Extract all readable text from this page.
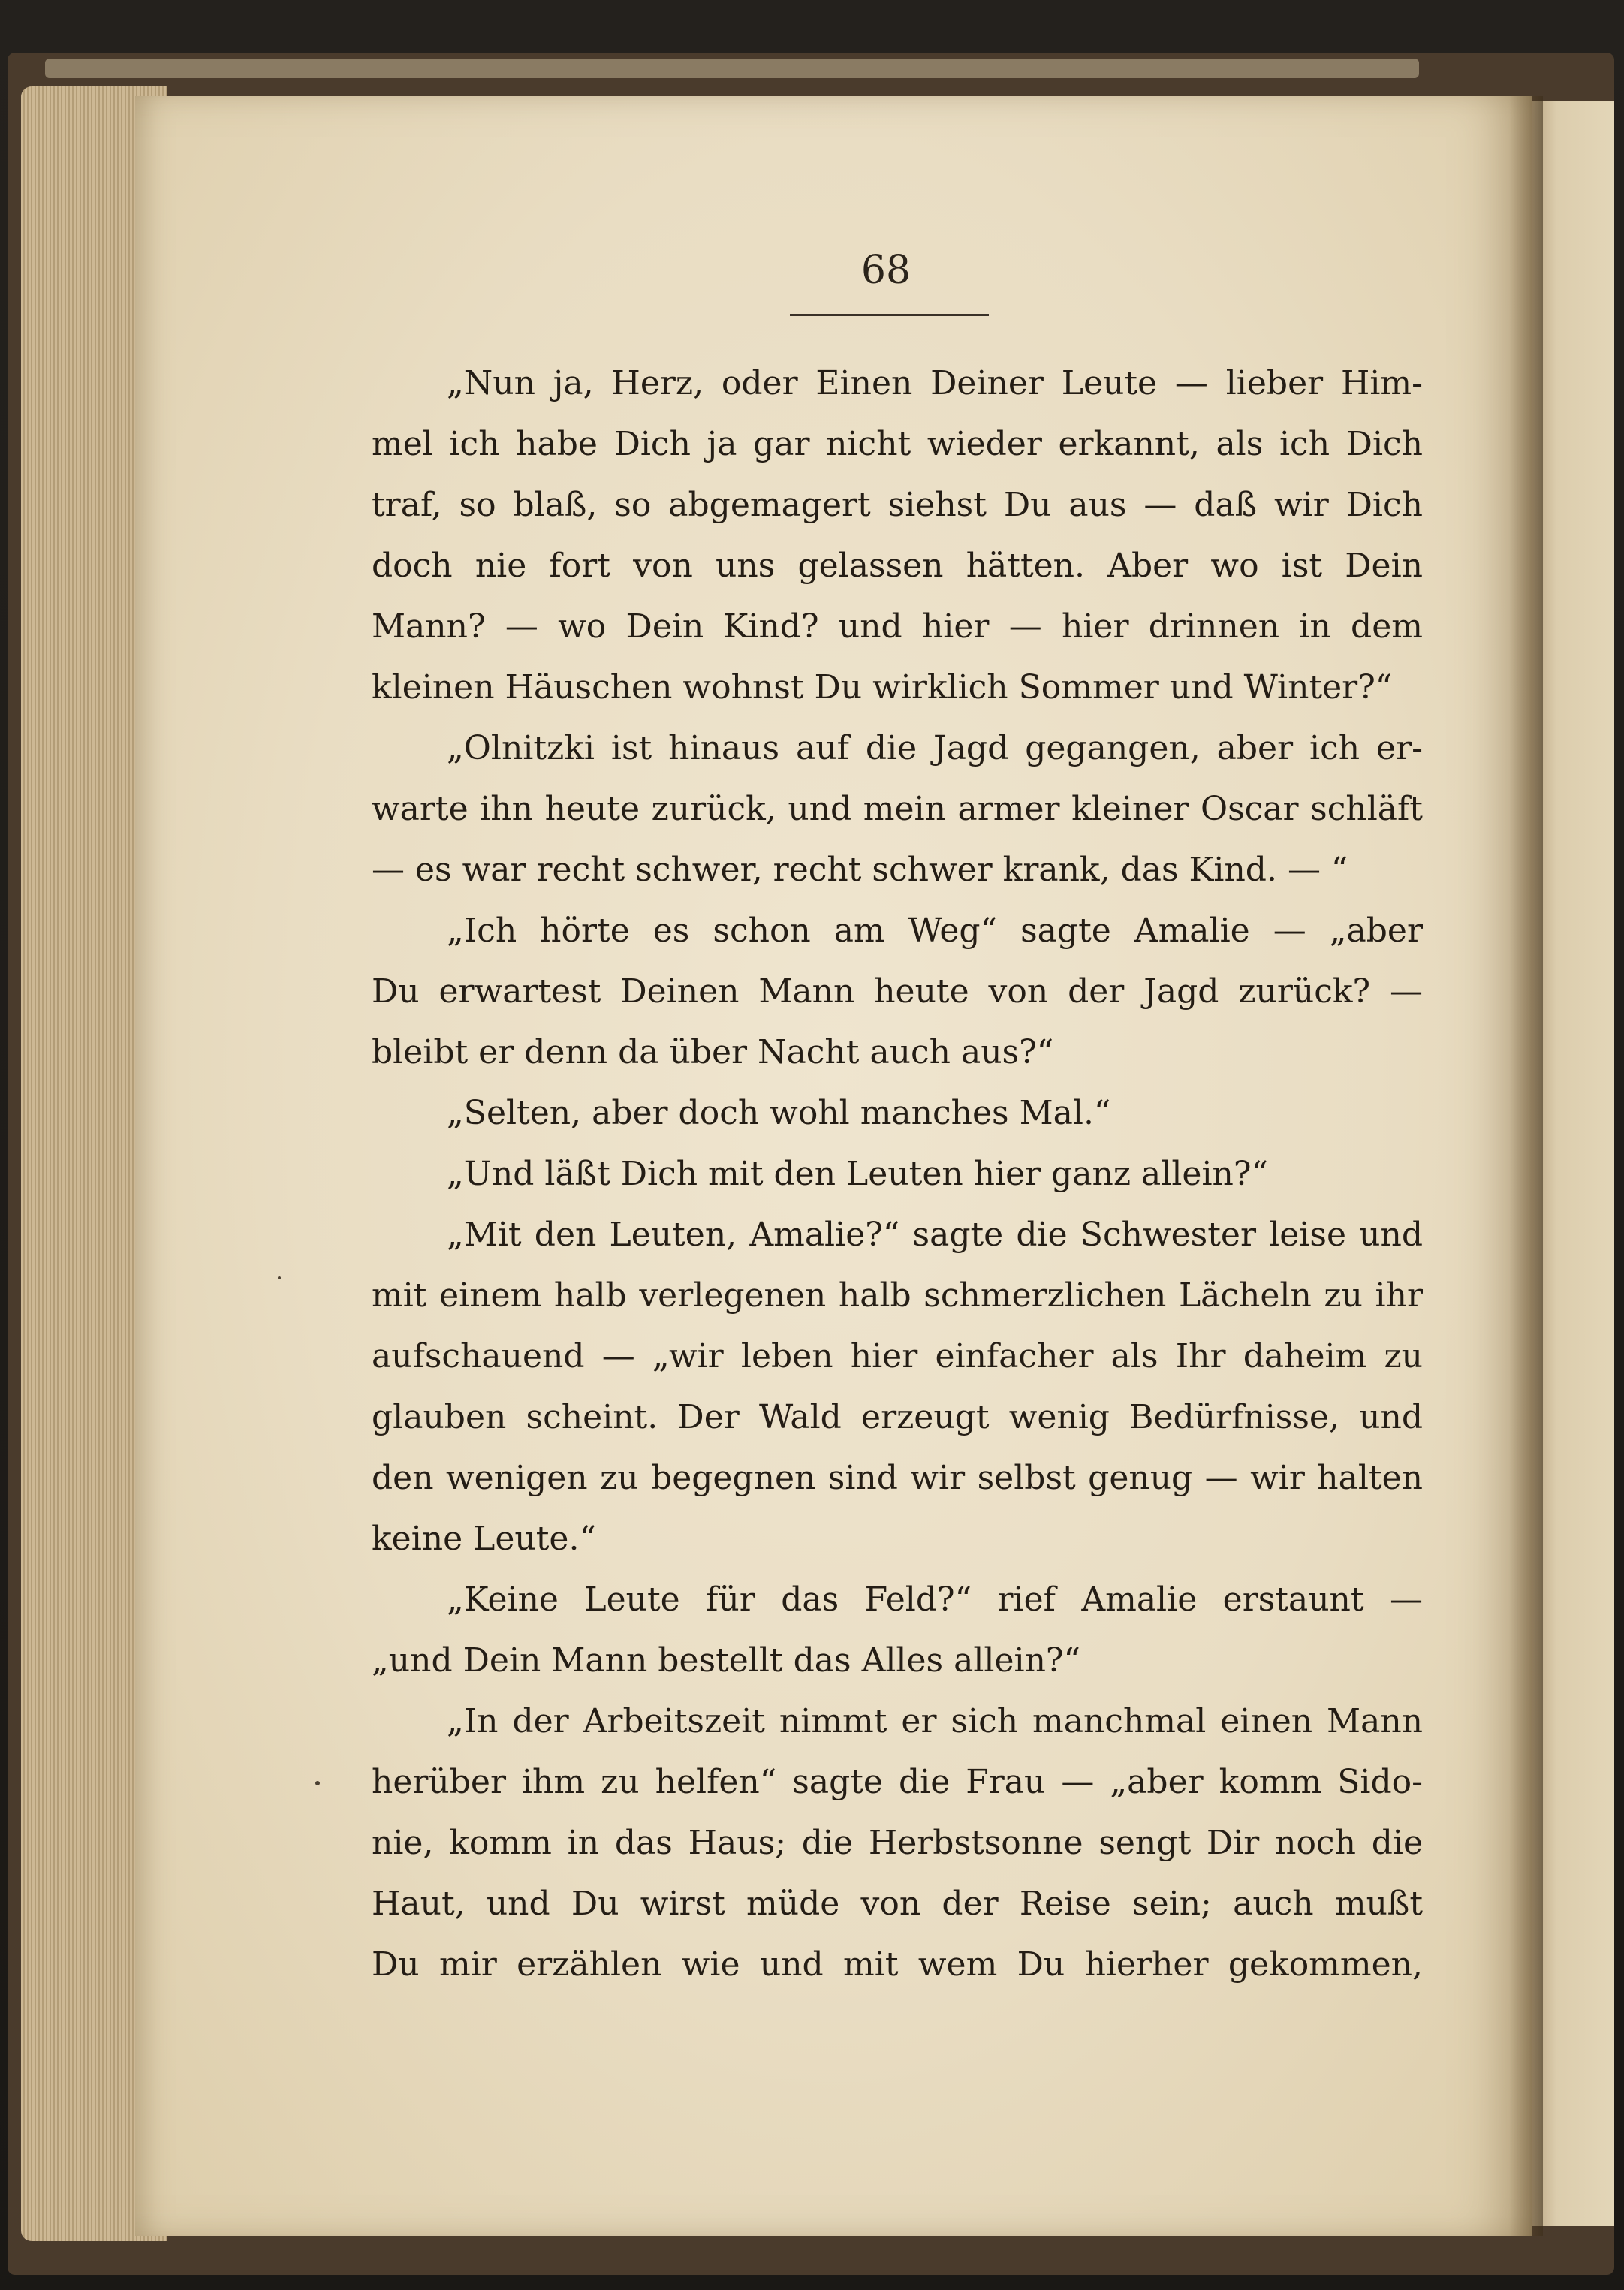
68
„Nun ja, Herz, oder Einen Deiner Leute — lieber Him-
mel ich habe Dich ja gar nicht wieder erkannt, als ich Dich
traf, so blaß, so abgemagert siehst Du aus — daß wir Dich
doch nie fort von uns gelassen hätten. Aber wo ist Dein
Mann? — wo Dein Kind? und hier — hier drinnen in dem
kleinen Häuschen wohnst Du wirklich Sommer und Winter?“
„Olnitzki ist hinaus auf die Jagd gegangen, aber ich er-
warte ihn heute zurück, und mein armer kleiner Oscar schläft
— es war recht schwer, recht schwer krank, das Kind. — “
„Ich hörte es schon am Weg“ sagte Amalie — „aber
Du erwartest Deinen Mann heute von der Jagd zurück? —
bleibt er denn da über Nacht auch aus?“
„Selten, aber doch wohl manches Mal.“
„Und läßt Dich mit den Leuten hier ganz allein?“
„Mit den Leuten, Amalie?“ sagte die Schwester leise und
mit einem halb verlegenen halb schmerzlichen Lächeln zu ihr
aufschauend — „wir leben hier einfacher als Ihr daheim zu
glauben scheint. Der Wald erzeugt wenig Bedürfnisse, und
den wenigen zu begegnen sind wir selbst genug — wir halten
keine Leute.“
„Keine Leute für das Feld?“ rief Amalie erstaunt —
„und Dein Mann bestellt das Alles allein?“
„In der Arbeitszeit nimmt er sich manchmal einen Mann
herüber ihm zu helfen“ sagte die Frau — „aber komm Sido-
nie, komm in das Haus; die Herbstsonne sengt Dir noch die
Haut, und Du wirst müde von der Reise sein; auch mußt
Du mir erzählen wie und mit wem Du hierher gekommen,
